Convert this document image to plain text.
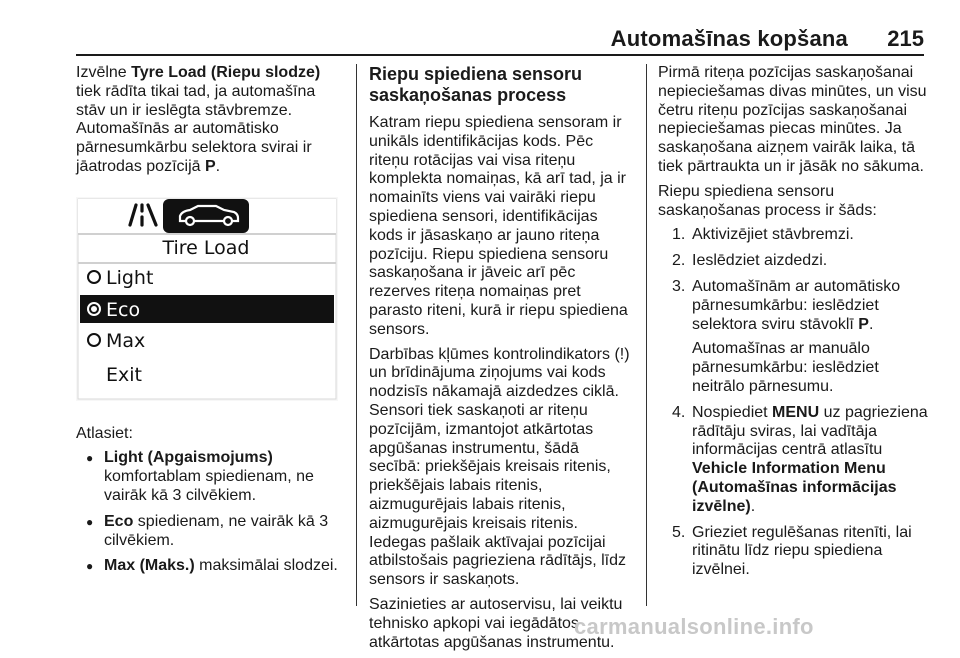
Automašīnas kopšana 215

Izvēlne Tyre Load (Riepu slodze) tiek rādīta tikai tad, ja automašīna stāv un ir ieslēgta stāvbremze. Automašīnās ar automātisko pārnesumkārbu selektora svirai ir jāatrodas pozīcijā P.

Tire Load
Light
Eco
Max
Exit

Atlasiet:

● Light (Apgaismojums)
komfortablam spiedienam, ne vairāk kā 3 cilvēkiem.
● Eco spiedienam, ne vairāk kā 3 cilvēkiem.
● Max (Maks.) maksimālai slodzei.
Riepu spiediena sensoru saskaņošanas process

Katram riepu spiediena sensoram ir unikāls identifikācijas kods. Pēc riteņu rotācijas vai visa riteņu komplekta nomaiņas, kā arī tad, ja ir nomainīts viens vai vairāki riepu spiediena sensori, identifikācijas kods ir jāsaskaņo ar jauno riteņa pozīciju. Riepu spiediena sensoru saskaņošana ir jāveic arī pēc rezerves riteņa nomaiņas pret parasto riteni, kurā ir riepu spiediena sensors.

Darbības kļūmes kontrolindikators (!) un brīdinājuma ziņojums vai kods nodzisīs nākamajā aizdedzes ciklā. Sensori tiek saskaņoti ar riteņu pozīcijām, izmantojot atkārtotas apgūšanas instrumentu, šādā secībā: priekšējais kreisais ritenis, priekšējais labais ritenis, aizmugurējais labais ritenis, aizmugurējais kreisais ritenis. Iedegas pašlaik aktīvajai pozīcijai atbilstošais pagrieziena rādītājs, līdz sensors ir saskaņots.

Sazinieties ar autoservisu, lai veiktu tehnisko apkopi vai iegādātos atkārtotas apgūšanas instrumentu.

Pirmā riteņa pozīcijas saskaņošanai nepieciešamas divas minūtes, un visu četru riteņu pozīcijas saskaņošanai nepieciešamas piecas minūtes. Ja saskaņošana aizņem vairāk laika, tā tiek pārtraukta un ir jāsāk no sākuma.

Riepu spiediena sensoru saskaņošanas process ir šāds:

1. Aktivizējiet stāvbremzi.
2. Ieslēdziet aizdedzi.
3. Automašīnām ar automātisko pārnesumkārbu: ieslēdziet selektora sviru stāvoklī P.

Automašīnas ar manuālo pārnesumkārbu: ieslēdziet neitrālo pārnesumu.

4. Nospiediet MENU uz pagrieziena rādītāju sviras, lai vadītāja informācijas centrā atlasītu Vehicle Information Menu (Automašīnas informācijas izvēlne).
5. Grieziet regulēšanas ritenīti, lai ritinātu līdz riepu spiediena izvēlnei.
carmanualsonline.info
